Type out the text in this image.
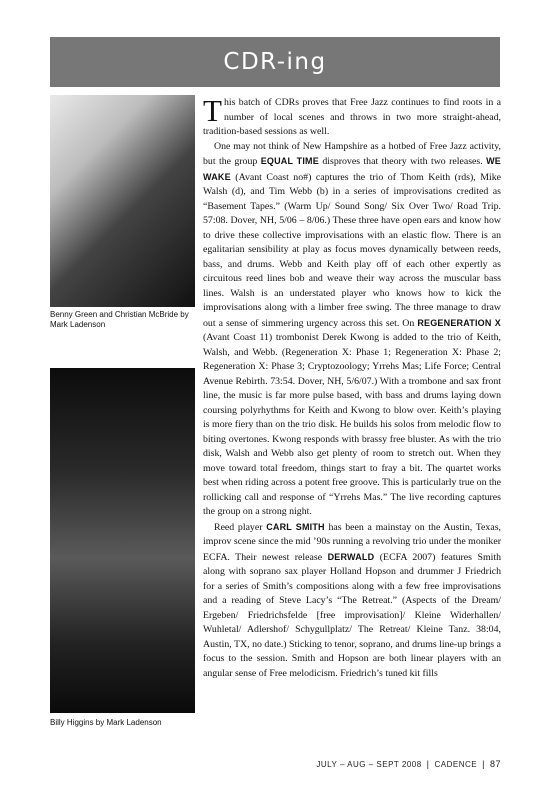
CDR-ing
Benny Green and Christian McBride by Mark Ladenson
Billy Higgins by Mark Ladenson

This batch of CDRs proves that Free Jazz continues to find roots in a number of local scenes and throws in two more straight-ahead, tradition-based sessions as well.

One may not think of New Hampshire as a hotbed of Free Jazz activity, but the group EQUAL TIME disproves that theory with two releases. WE WAKE (Avant Coast no#) captures the trio of Thom Keith (rds), Mike Walsh (d), and Tim Webb (b) in a series of improvisations credited as “Basement Tapes.” (Warm Up/ Sound Song/ Six Over Two/ Road Trip. 57:08. Dover, NH, 5/06 – 8/06.) These three have open ears and know how to drive these collective improvisations with an elastic flow. There is an egalitarian sensibility at play as focus moves dynamically between reeds, bass, and drums. Webb and Keith play off of each other expertly as circuitous reed lines bob and weave their way across the muscular bass lines. Walsh is an understated player who knows how to kick the improvisations along with a limber free swing. The three manage to draw out a sense of simmering urgency across this set. On REGENERATION X (Avant Coast 11) trombonist Derek Kwong is added to the trio of Keith, Walsh, and Webb. (Regeneration X: Phase 1; Regeneration X: Phase 2; Regeneration X: Phase 3; Cryptozoology; Yrrehs Mas; Life Force; Central Avenue Rebirth. 73:54. Dover, NH, 5/6/07.) With a trombone and sax front line, the music is far more pulse based, with bass and drums laying down coursing polyrhythms for Keith and Kwong to blow over. Keith’s playing is more fiery than on the trio disk. He builds his solos from melodic flow to biting overtones. Kwong responds with brassy free bluster. As with the trio disk, Walsh and Webb also get plenty of room to stretch out. When they move toward total freedom, things start to fray a bit. The quartet works best when riding across a potent free groove. This is particularly true on the rollicking call and response of “Yrrehs Mas.” The live recording captures the group on a strong night.

Reed player CARL SMITH has been a mainstay on the Austin, Texas, improv scene since the mid ’90s running a revolving trio under the moniker ECFA. Their newest release DERWALD (ECFA 2007) features Smith along with soprano sax player Holland Hopson and drummer J Friedrich for a series of Smith’s compositions along with a few free improvisations and a reading of Steve Lacy’s “The Retreat.” (Aspects of the Dream/ Ergeben/ Friedrichsfelde [free improvisation]/ Kleine Widerhallen/ Wuhletal/ Adlershof/ Schygullplatz/ The Retreat/ Kleine Tanz. 38:04, Austin, TX, no date.) Sticking to tenor, soprano, and drums line-up brings a focus to the session. Smith and Hopson are both linear players with an angular sense of Free melodicism. Friedrich’s tuned kit fills

JULY – AUG – SEPT 2008 | CADENCE | 87
